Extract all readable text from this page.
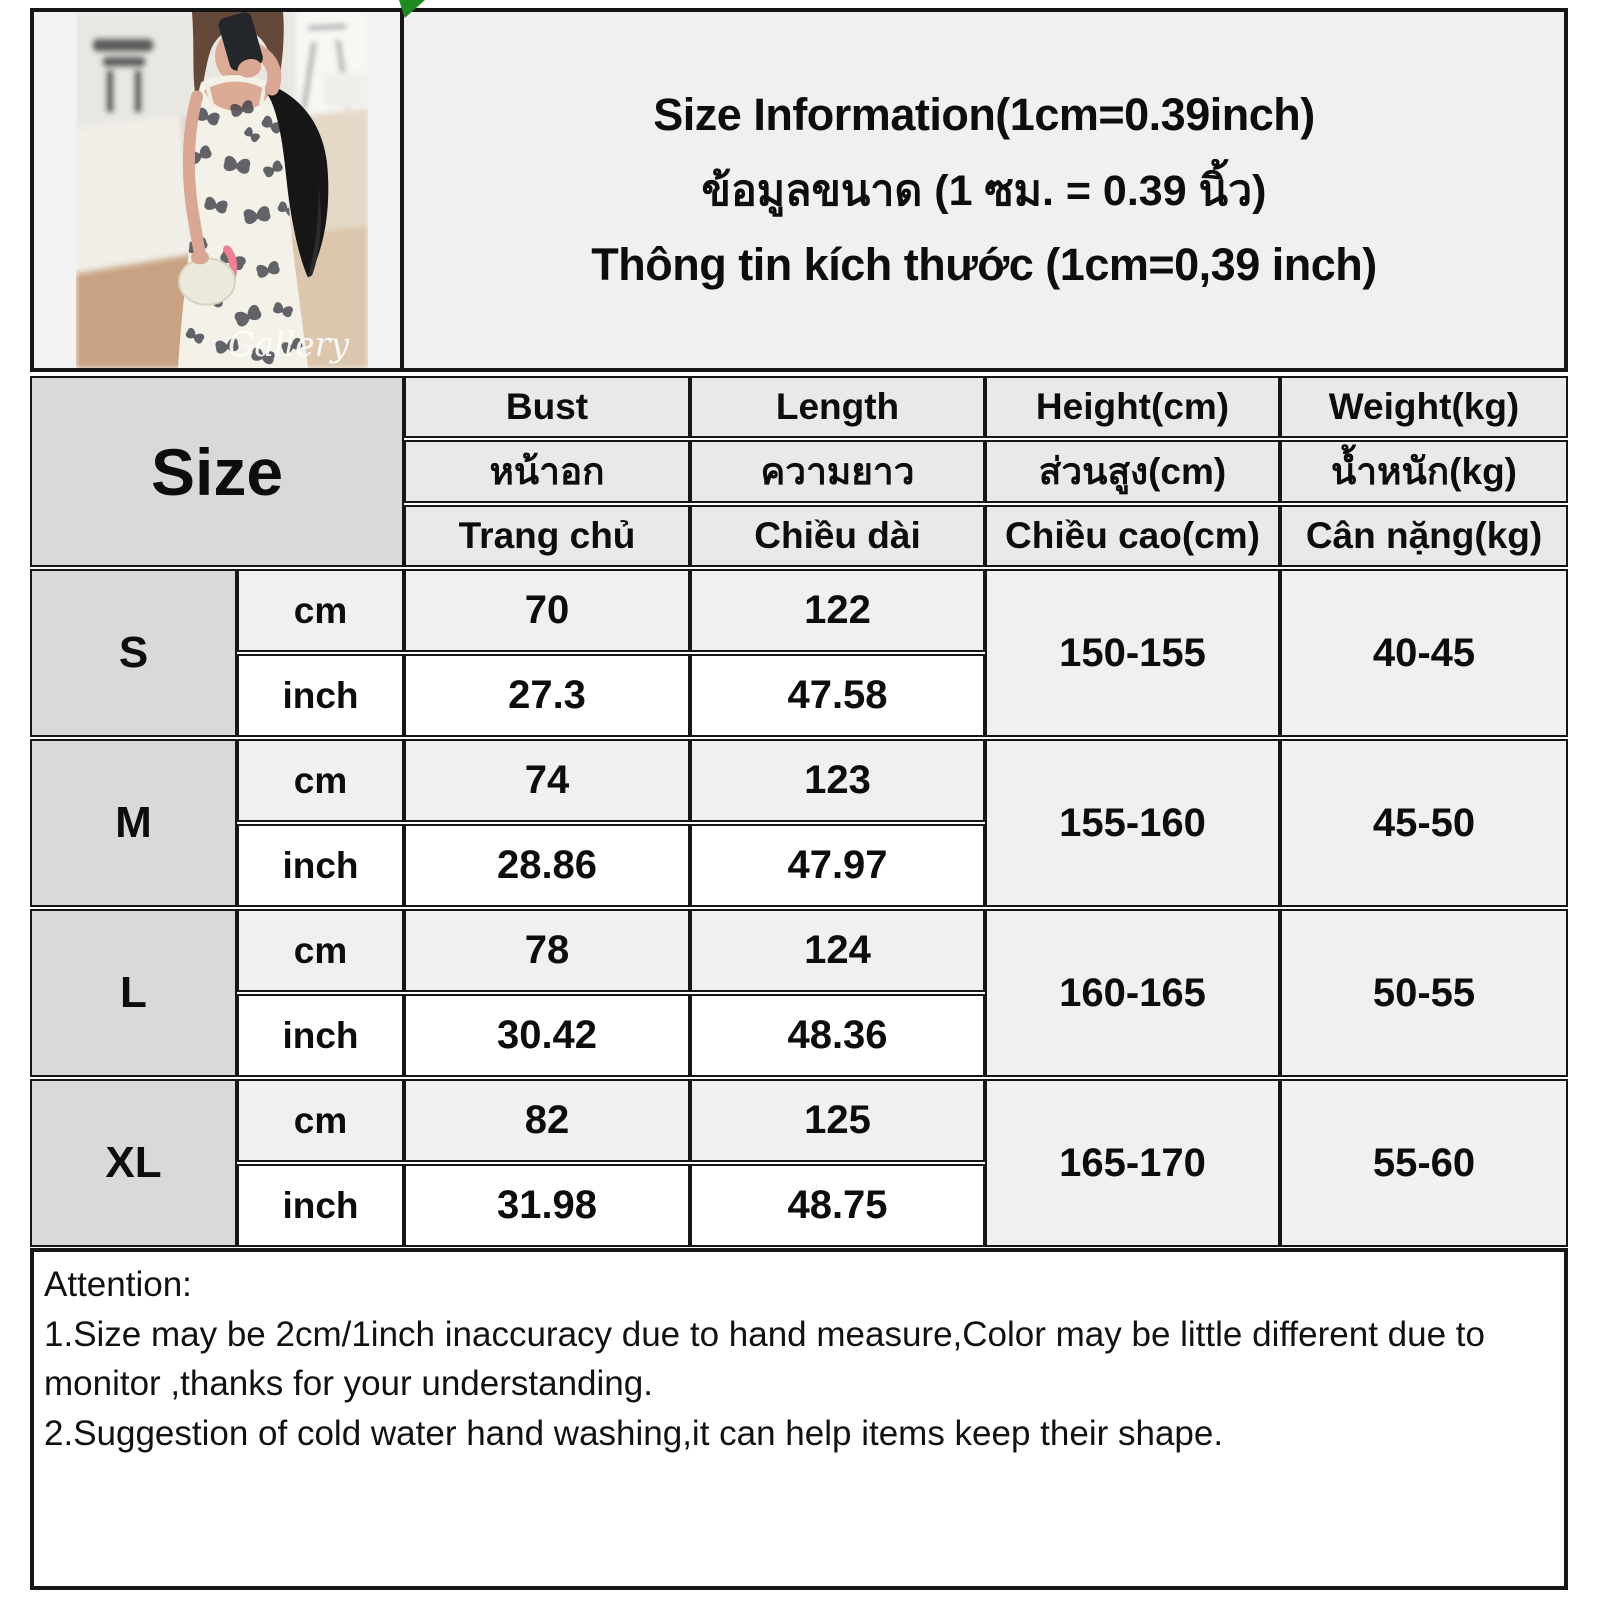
Gallery
Size Information(1cm=0.39inch)
ข้อมูลขนาด (1 ซม. = 0.39 นิ้ว)
Thông tin kích thước (1cm=0,39 inch)
Size		Bust	Length	Height(cm)	Weight(kg)
		หน้าอก	ความยาว	ส่วนสูง(cm)	น้ำหนัก(kg)
		Trang chủ	Chiều dài	Chiều cao(cm)	Cân nặng(kg)
S	cm	70	122	150-155	40-45
	inch	27.3	47.58		
M	cm	74	123	155-160	45-50
	inch	28.86	47.97		
L	cm	78	124	160-165	50-55
	inch	30.42	48.36		
XL	cm	82	125	165-170	55-60
	inch	31.98	48.75		

Attention:

1.Size may be 2cm/1inch inaccuracy due to hand measure,Color may be little different due to monitor ,thanks for your understanding.

2.Suggestion of cold water hand washing,it can help items keep their shape.
